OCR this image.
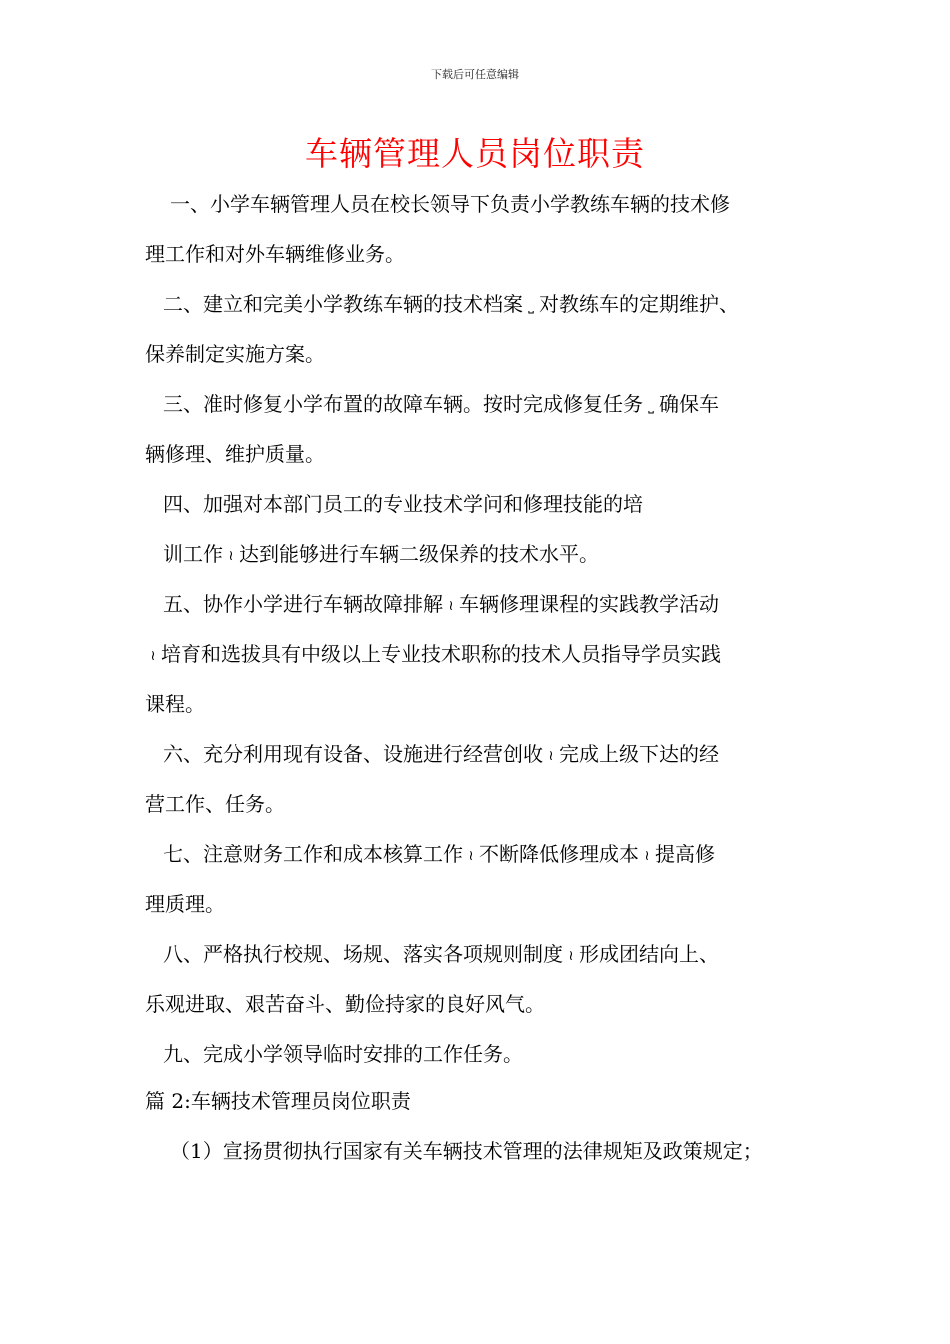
下载后可任意编辑
车辆管理人员岗位职责
一、小学车辆管理人员在校长领导下负责小学教练车辆的技术修
理工作和对外车辆维修业务。
二、建立和完美小学教练车辆的技术档案 ⎵ 对教练车的定期维护、
保养制定实施方案。
三、准时修复小学布置的故障车辆。按时完成修复任务 ⎵ 确保车
辆修理、维护质量。
四、加强对本部门员工的专业技术学问和修理技能的培
训工作 ≀ 达到能够进行车辆二级保养的技术水平。
五、协作小学进行车辆故障排解 ≀ 车辆修理课程的实践教学活动
≀ 培育和选拔具有中级以上专业技术职称的技术人员指导学员实践
课程。
六、充分利用现有设备、设施进行经营创收 ≀ 完成上级下达的经
营工作、任务。
七、注意财务工作和成本核算工作 ≀ 不断降低修理成本 ≀ 提高修
理质理。
八、严格执行校规、场规、落实各项规则制度 ≀ 形成团结向上、
乐观进取、艰苦奋斗、勤俭持家的良好风气。
九、完成小学领导临时安排的工作任务。
篇 2:车辆技术管理员岗位职责
（1）宣扬贯彻执行国家有关车辆技术管理的法律规矩及政策规定；
